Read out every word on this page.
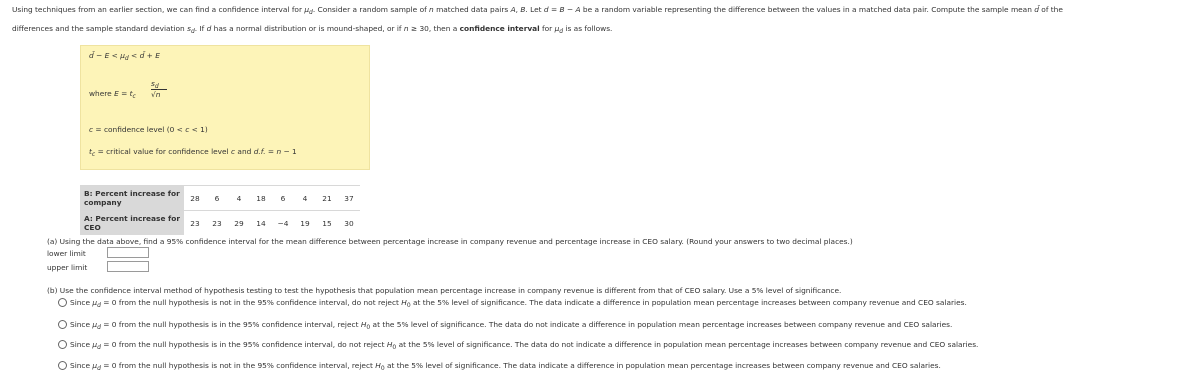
Using techniques from an earlier section, we can find a confidence interval for $\mu_d$. Consider a random sample of n matched data pairs A, B. Let d = B − A be a random variable representing the difference between the values in a matched data pair. Compute the sample mean d̄ of the
differences and the sample standard deviation $s_d$. If d has a normal distribution or is mound-shaped, or if n ≥ 30, then a confidence interval for $\mu_d$ is as follows.
d̄ − $E < \mu_d$ < d̄ + E
where $E = t_c$
$s_d$
√n
c = confidence level (0 < c < 1)
$t_c$ = critical value for confidence level c and d.f. = n − 1
B: Percent increase for company	28	6	4	18	6	4	21	37
A: Percent increase for CEO	23	23	29	14	−4	19	15	30
(a) Using the data above, find a 95% confidence interval for the mean difference between percentage increase in company revenue and percentage increase in CEO salary. (Round your answers to two decimal places.)
lower limit
upper limit
(b) Use the confidence interval method of hypothesis testing to test the hypothesis that population mean percentage increase in company revenue is different from that of CEO salary. Use a 5% level of significance.
Since $\mu_d = 0$ from the null hypothesis is not in the 95% confidence interval, do not reject $H_0$ at the 5% level of significance. The data indicate a difference in population mean percentage increases between company revenue and CEO salaries.
Since $\mu_d = 0$ from the null hypothesis is in the 95% confidence interval, reject $H_0$ at the 5% level of significance. The data do not indicate a difference in population mean percentage increases between company revenue and CEO salaries.
Since $\mu_d = 0$ from the null hypothesis is in the 95% confidence interval, do not reject $H_0$ at the 5% level of significance. The data do not indicate a difference in population mean percentage increases between company revenue and CEO salaries.
Since $\mu_d = 0$ from the null hypothesis is not in the 95% confidence interval, reject $H_0$ at the 5% level of significance. The data indicate a difference in population mean percentage increases between company revenue and CEO salaries.
